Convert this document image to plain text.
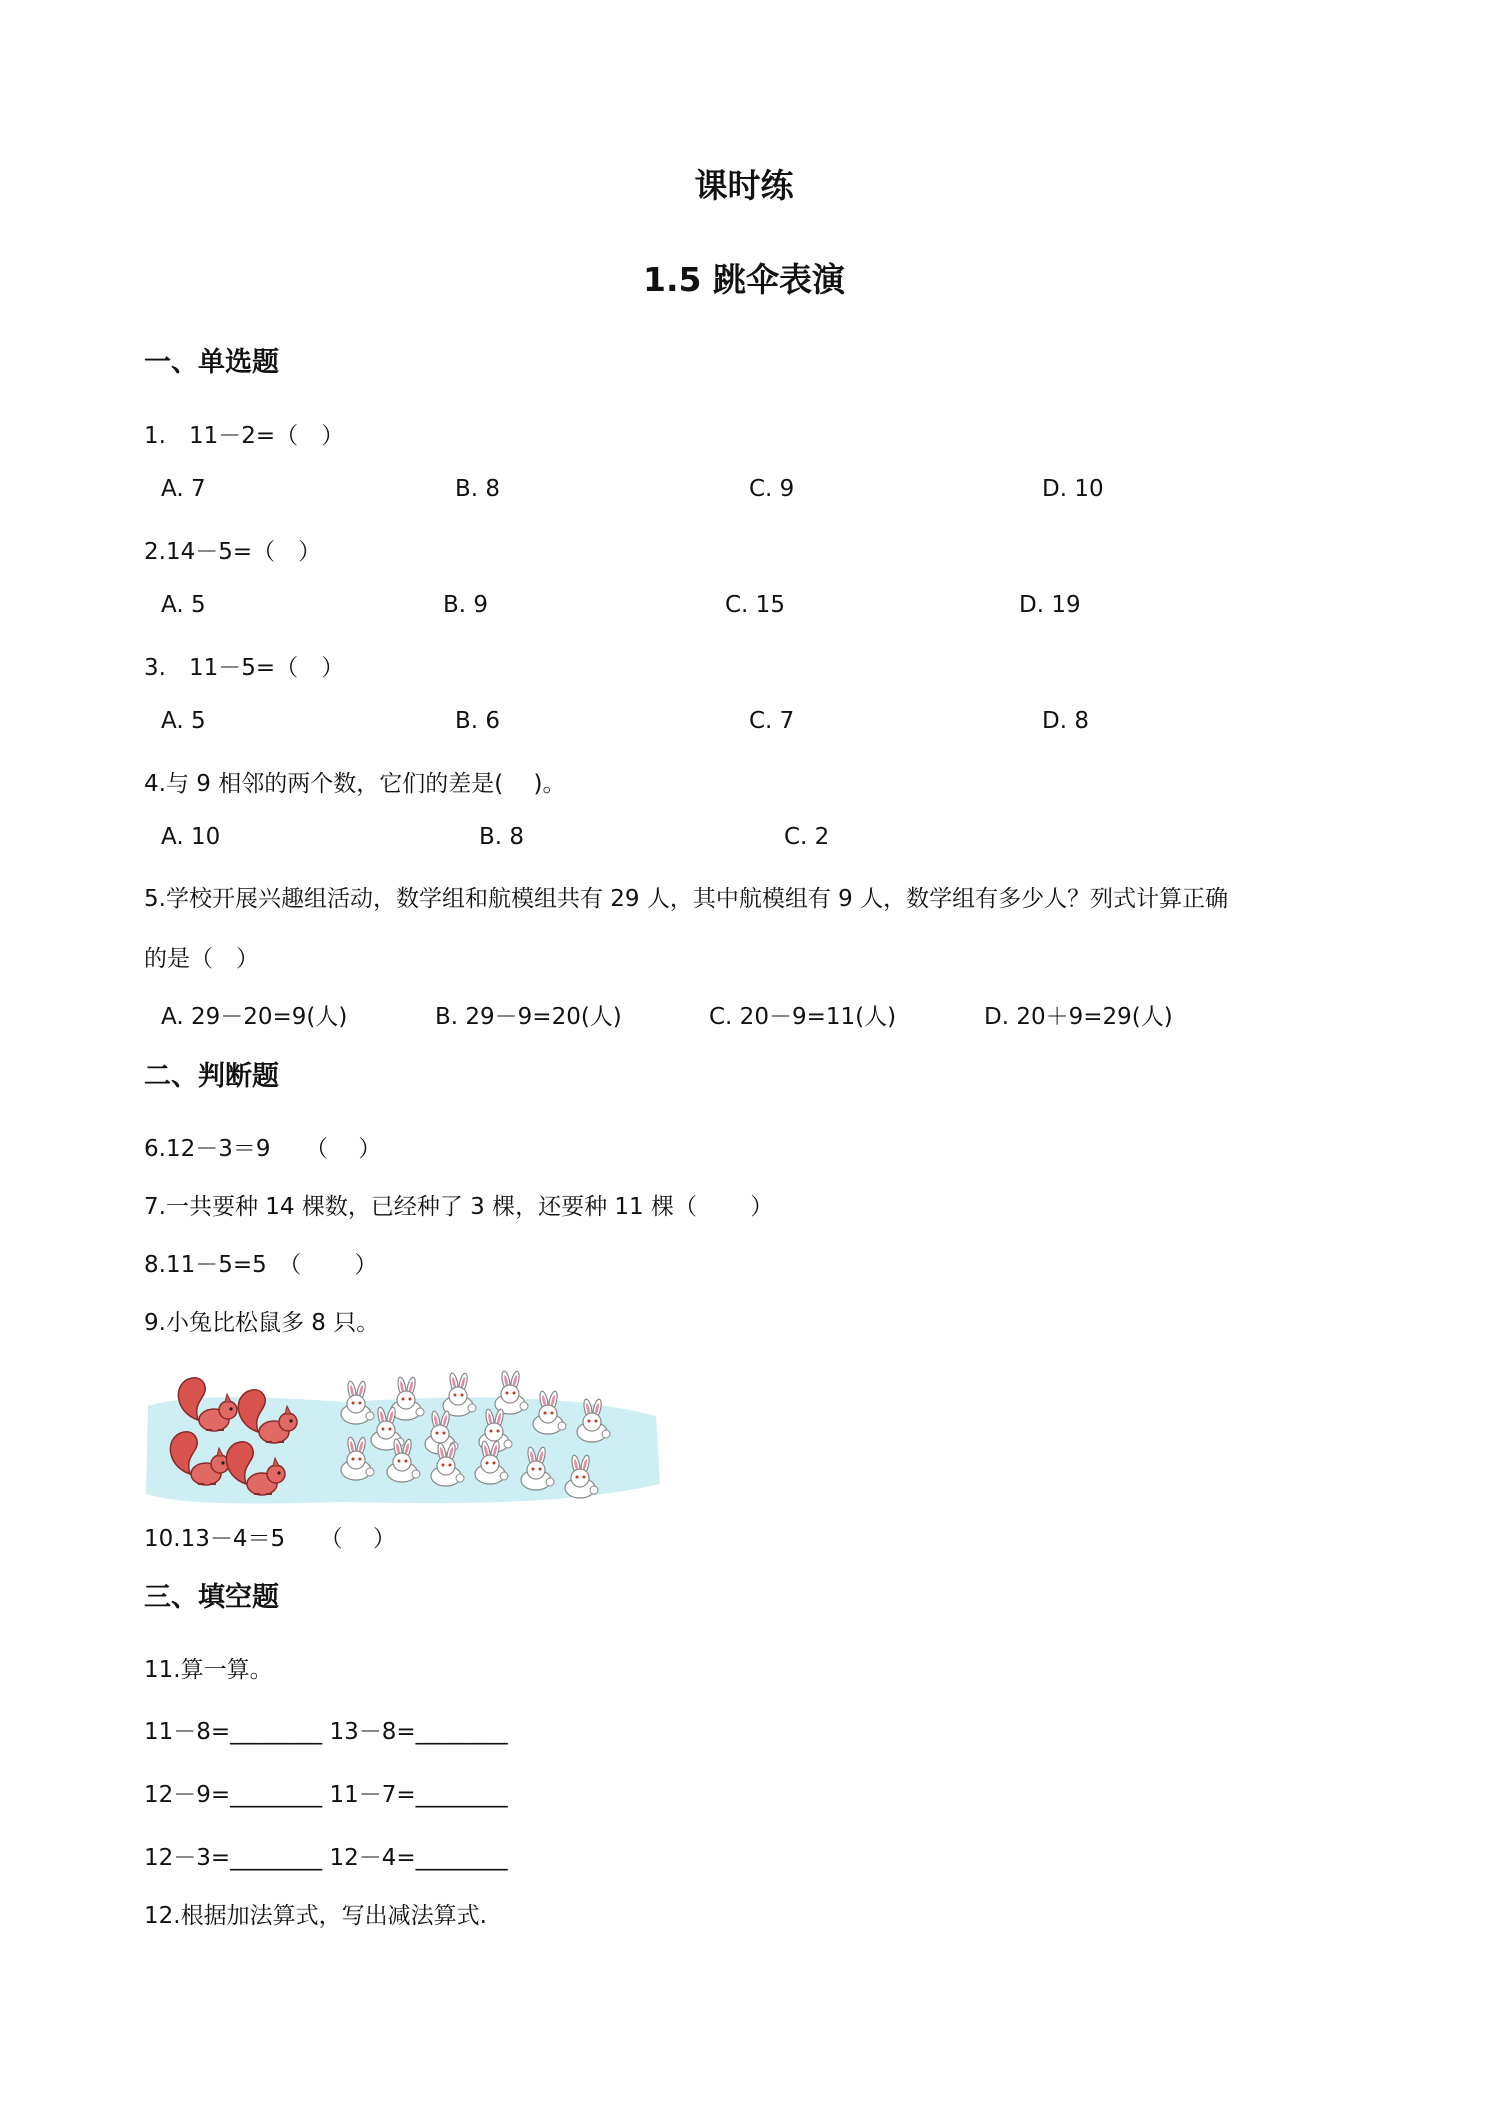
课时练
1.5 跳伞表演
一、单选题
1.　11－2=（　）
A. 7	B. 8	C. 9	D. 10
2.14－5=（　）
A. 5	B. 9	C. 15	D. 19
3.　11－5=（　）
A. 5	B. 6	C. 7	D. 8
4.与 9 相邻的两个数，它们的差是(　 )。
A. 10	B. 8	C. 2
5.学校开展兴趣组活动，数学组和航模组共有 29 人，其中航模组有 9 人，数学组有多少人？列式计算正确
的是（　）
A. 29－20=9(人)	B. 29－9=20(人)	C. 20－9=11(人)	D. 20＋9=29(人)
二、判断题
6.12－3＝9　　（　 ）
7.一共要种 14 棵数，已经种了 3 棵，还要种 11 棵（　　 ）
8.11－5=5　（　　 ）
9.小兔比松鼠多 8 只。
10.13－4＝5　　（　 ）
三、填空题
11.算一算。
11－8=________ 13－8=________
12－9=________ 11－7=________
12－3=________ 12－4=________
12.根据加法算式，写出减法算式.
